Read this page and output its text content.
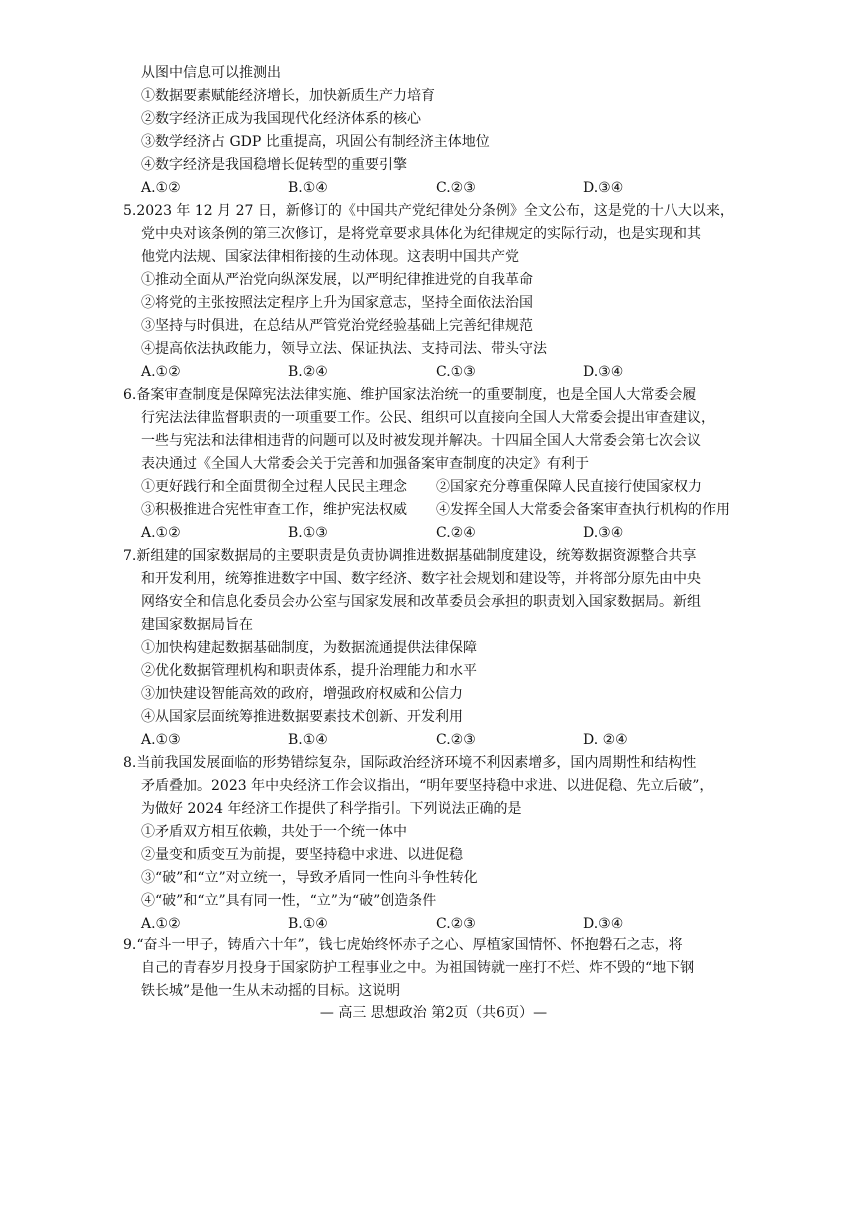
从图中信息可以推测出
①数据要素赋能经济增长，加快新质生产力培育
②数字经济正成为我国现代化经济体系的核心
③数学经济占 GDP 比重提高，巩固公有制经济主体地位
④数字经济是我国稳增长促转型的重要引擎
A.①②	B.①④	C.②③	D.③④
5.2023 年 12 月 27 日，新修订的《中国共产党纪律处分条例》全文公布，这是党的十八大以来，
党中央对该条例的第三次修订，是将党章要求具体化为纪律规定的实际行动，也是实现和其
他党内法规、国家法律相衔接的生动体现。这表明中国共产党
①推动全面从严治党向纵深发展，以严明纪律推进党的自我革命
②将党的主张按照法定程序上升为国家意志，坚持全面依法治国
③坚持与时俱进，在总结从严管党治党经验基础上完善纪律规范
④提高依法执政能力，领导立法、保证执法、支持司法、带头守法
A.①②	B.②④	C.①③	D.③④
6.备案审查制度是保障宪法法律实施、维护国家法治统一的重要制度，也是全国人大常委会履
行宪法法律监督职责的一项重要工作。公民、组织可以直接向全国人大常委会提出审查建议，
一些与宪法和法律相违背的问题可以及时被发现并解决。十四届全国人大常委会第七次会议
表决通过《全国人大常委会关于完善和加强备案审查制度的决定》有利于
①更好践行和全面贯彻全过程人民民主理念 ②国家充分尊重保障人民直接行使国家权力
③积极推进合宪性审查工作，维护宪法权威 ④发挥全国人大常委会备案审查执行机构的作用
A.①②	B.①③	C.②④	D.③④
7.新组建的国家数据局的主要职责是负责协调推进数据基础制度建设，统筹数据资源整合共享
和开发利用，统筹推进数字中国、数字经济、数字社会规划和建设等，并将部分原先由中央
网络安全和信息化委员会办公室与国家发展和改革委员会承担的职责划入国家数据局。新组
建国家数据局旨在
①加快构建起数据基础制度，为数据流通提供法律保障
②优化数据管理机构和职责体系，提升治理能力和水平
③加快建设智能高效的政府，增强政府权威和公信力
④从国家层面统筹推进数据要素技术创新、开发利用
A.①③	B.①④	C.②③	D. ②④
8.当前我国发展面临的形势错综复杂，国际政治经济环境不利因素增多，国内周期性和结构性
矛盾叠加。2023 年中央经济工作会议指出，“明年要坚持稳中求进、以进促稳、先立后破”，
为做好 2024 年经济工作提供了科学指引。下列说法正确的是
①矛盾双方相互依赖，共处于一个统一体中
②量变和质变互为前提，要坚持稳中求进、以进促稳
③“破”和“立”对立统一，导致矛盾同一性向斗争性转化
④“破”和“立”具有同一性，“立”为“破”创造条件
A.①②	B.①④	C.②③	D.③④
9.“奋斗一甲子，铸盾六十年”，钱七虎始终怀赤子之心、厚植家国情怀、怀抱磐石之志，将
自己的青春岁月投身于国家防护工程事业之中。为祖国铸就一座打不烂、炸不毁的“地下钢
铁长城”是他一生从未动摇的目标。这说明
— 高三 思想政治 第2页（共6页）—
